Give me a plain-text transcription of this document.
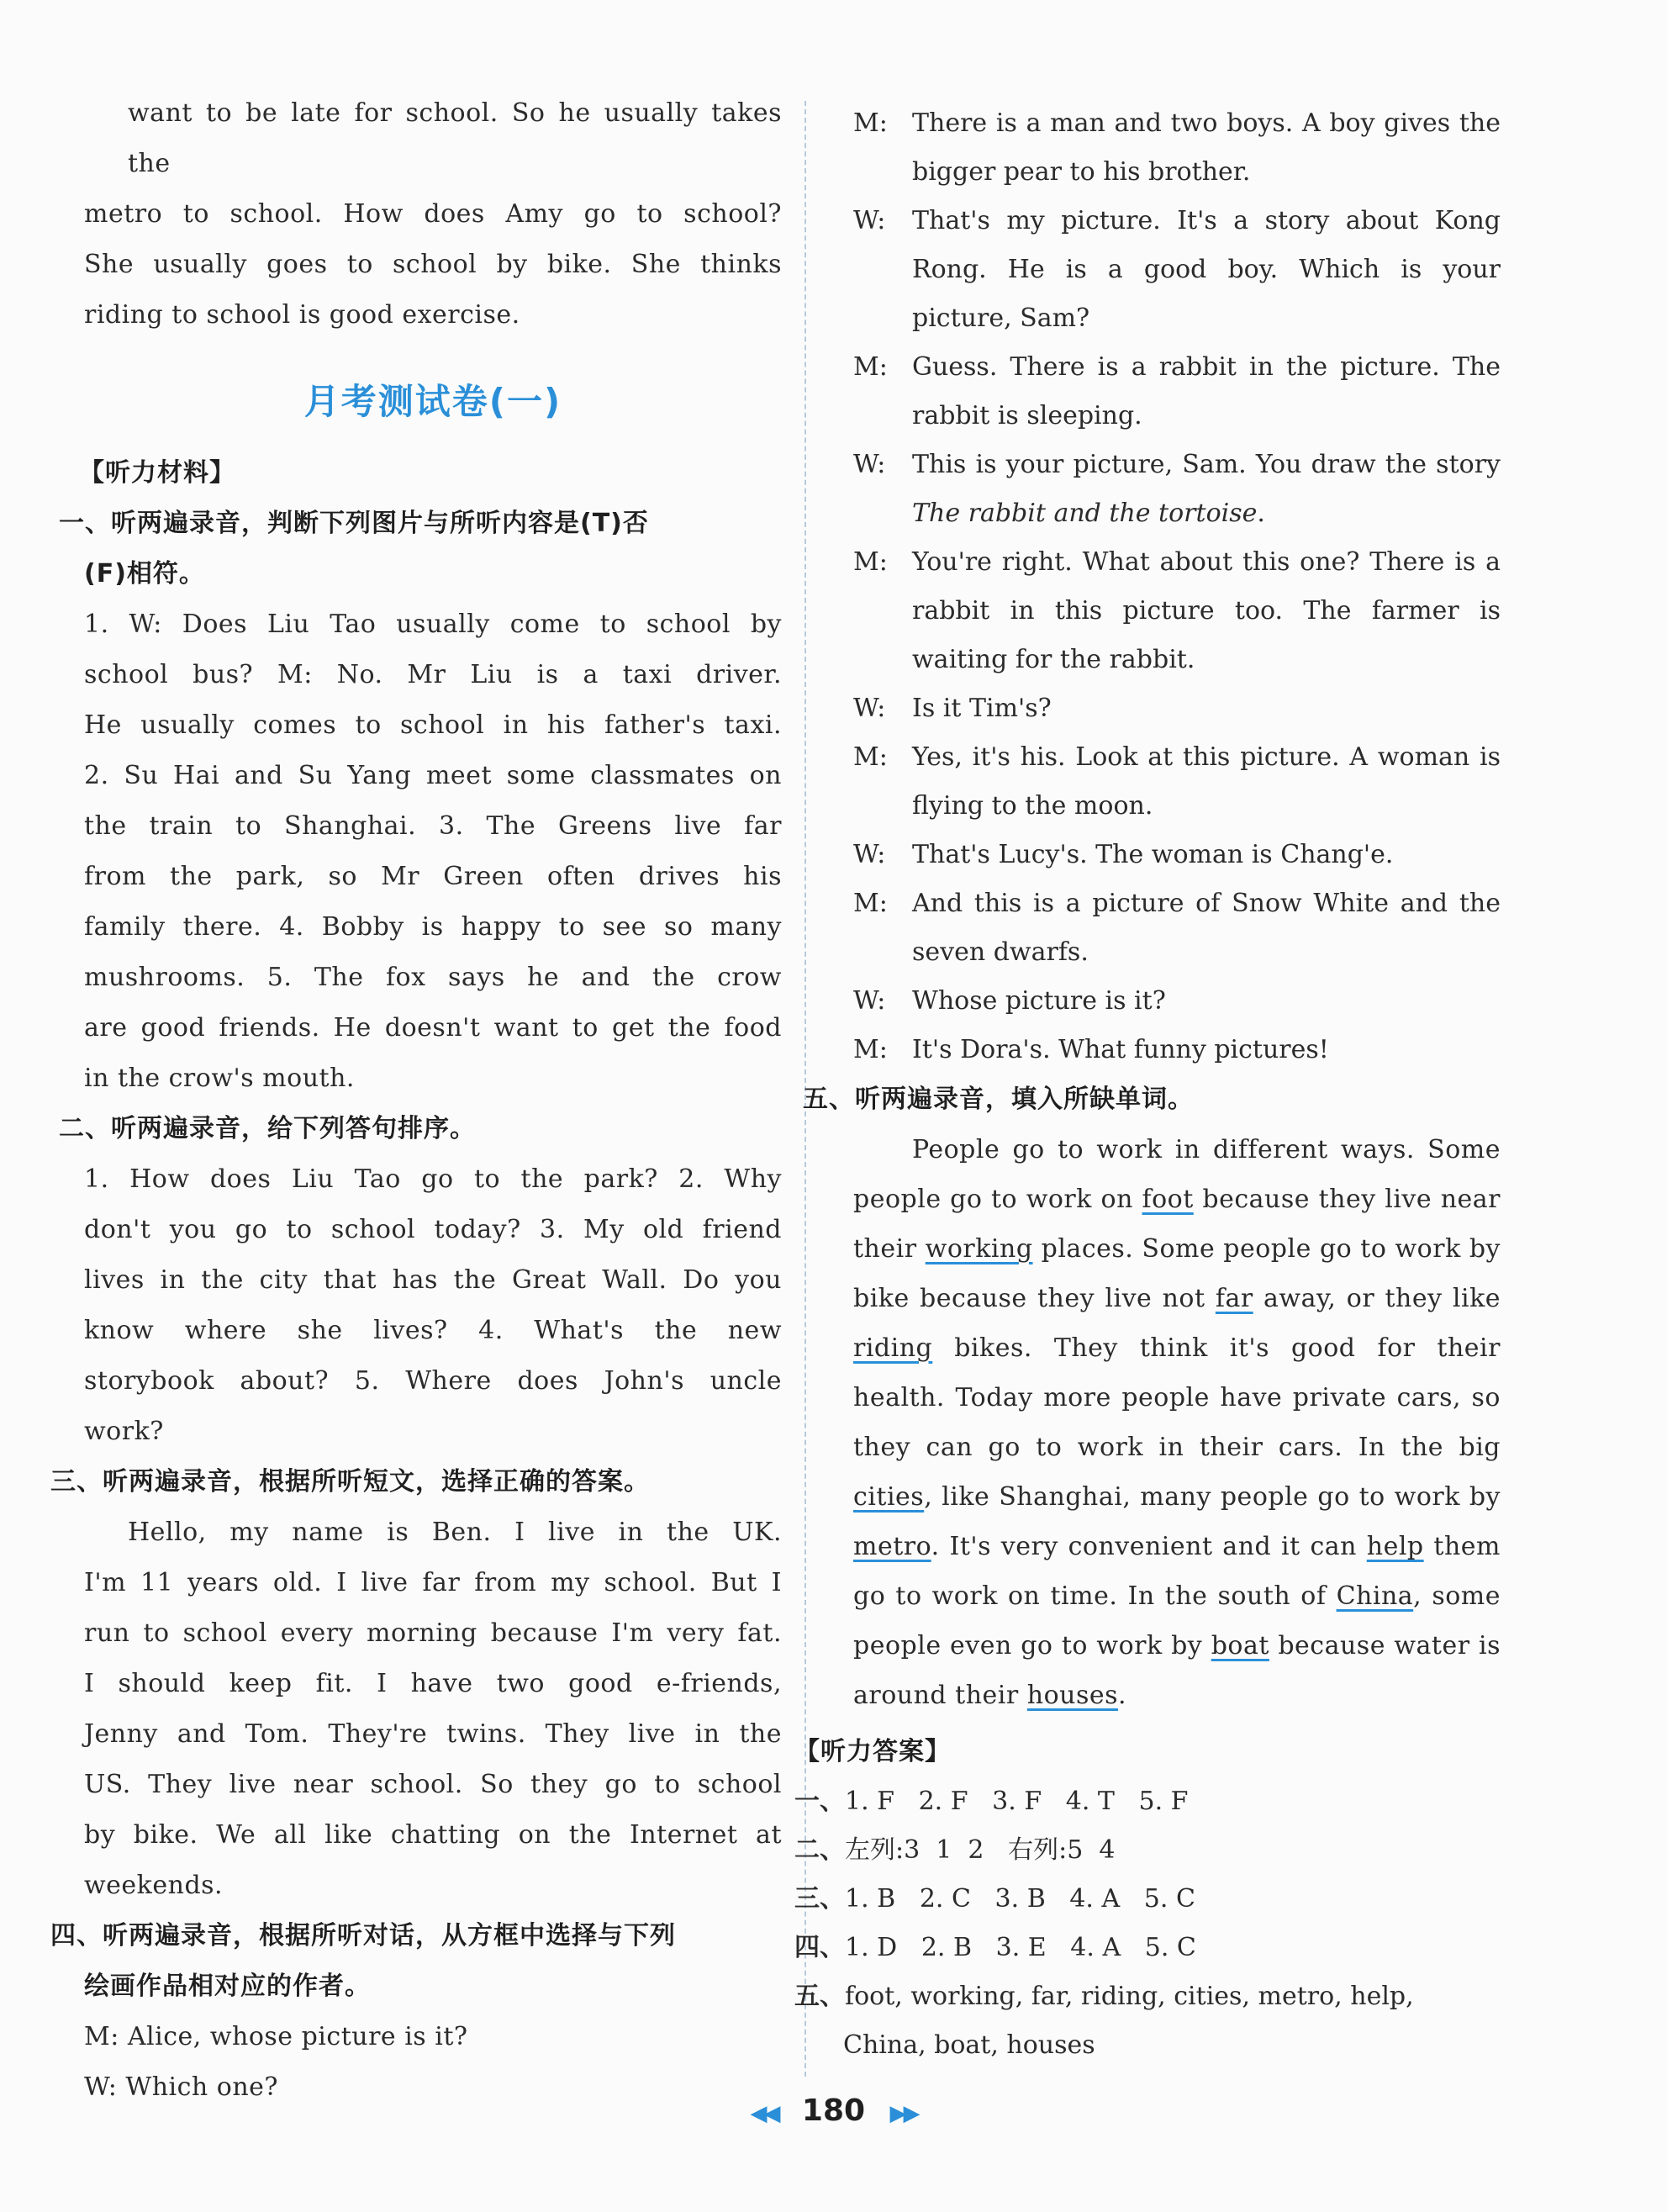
want to be late for school. So he usually takes the

metro to school. How does Amy go to school?

She usually goes to school by bike. She thinks

riding to school is good exercise.

月考测试卷(一)

【听力材料】

一、听两遍录音，判断下列图片与所听内容是(T)否

(F)相符。

1. W: Does Liu Tao usually come to school by

school bus? M: No. Mr Liu is a taxi driver.

He usually comes to school in his father's taxi.

2. Su Hai and Su Yang meet some classmates on

the train to Shanghai. 3. The Greens live far

from the park, so Mr Green often drives his

family there. 4. Bobby is happy to see so many

mushrooms. 5. The fox says he and the crow

are good friends. He doesn't want to get the food

in the crow's mouth.

二、听两遍录音，给下列答句排序。

1. How does Liu Tao go to the park? 2. Why

don't you go to school today? 3. My old friend

lives in the city that has the Great Wall. Do you

know where she lives? 4. What's the new

storybook about? 5. Where does John's uncle

work?

三、听两遍录音，根据所听短文，选择正确的答案。

Hello, my name is Ben. I live in the UK.

I'm 11 years old. I live far from my school. But I

run to school every morning because I'm very fat.

I should keep fit. I have two good e-friends,

Jenny and Tom. They're twins. They live in the

US. They live near school. So they go to school

by bike. We all like chatting on the Internet at

weekends.

四、听两遍录音，根据所听对话，从方框中选择与下列

绘画作品相对应的作者。

M: Alice, whose picture is it?

W: Which one?

M: There is a man and two boys. A boy gives the bigger pear to his brother.
W: That's my picture. It's a story about Kong Rong. He is a good boy. Which is your picture, Sam?
M: Guess. There is a rabbit in the picture. The rabbit is sleeping.
W: This is your picture, Sam. You draw the story The rabbit and the tortoise.
M: You're right. What about this one? There is a rabbit in this picture too. The farmer is waiting for the rabbit.
W: Is it Tim's?
M: Yes, it's his. Look at this picture. A woman is flying to the moon.
W: That's Lucy's. The woman is Chang'e.
M: And this is a picture of Snow White and the seven dwarfs.
W: Whose picture is it?
M: It's Dora's. What funny pictures!

五、听两遍录音，填入所缺单词。

People go to work in different ways. Some people go to work on foot because they live near their working places. Some people go to work by bike because they live not far away, or they like riding bikes. They think it's good for their health. Today more people have private cars, so they can go to work in their cars. In the big cities, like Shanghai, many people go to work by metro. It's very convenient and it can help them go to work on time. In the south of China, some people even go to work by boat because water is around their houses.

【听力答案】

一、1. F   2. F   3. F   4. T   5. F

二、左列:3  1  2   右列:5  4

三、1. B   2. C   3. B   4. A   5. C

四、1. D   2. B   3. E   4. A   5. C

五、foot, working, far, riding, cities, metro, help,

China, boat, houses

◀◀ 180 ▶▶
